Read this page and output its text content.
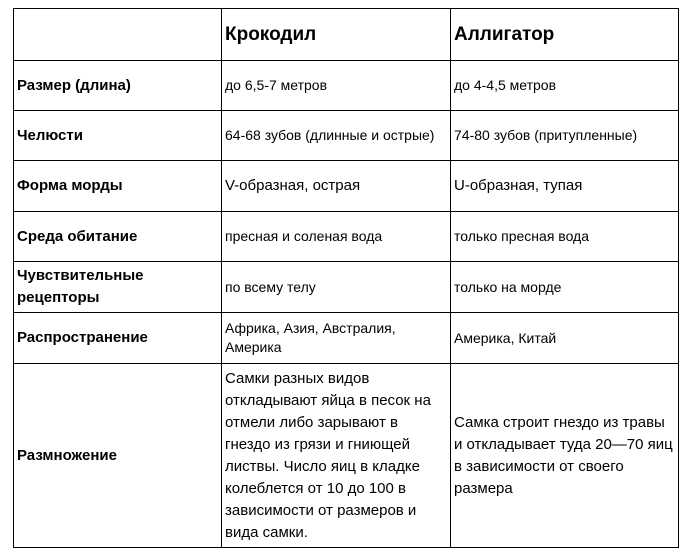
	Крокодил	Аллигатор
Размер (длина)	до 6,5-7 метров	до 4-4,5 метров
Челюсти	64-68 зубов (длинные и острые)	74-80 зубов (притупленные)
Форма морды	V-образная, острая	U-образная, тупая
Среда обитание	пресная и соленая вода	только пресная вода
Чувствительные рецепторы	по всему телу	только на морде
Распространение	Африка, Азия, Австралия, Америка	Америка, Китай
Размножение	Самки разных видов откладывают яйца в песок на отмели либо зарывают в гнездо из грязи и гниющей листвы. Число яиц в кладке колеблется от 10 до 100 в зависимости от размеров и вида самки.	Самка строит гнездо из травы и откладывает туда 20—70 яиц в зависимости от своего размера
